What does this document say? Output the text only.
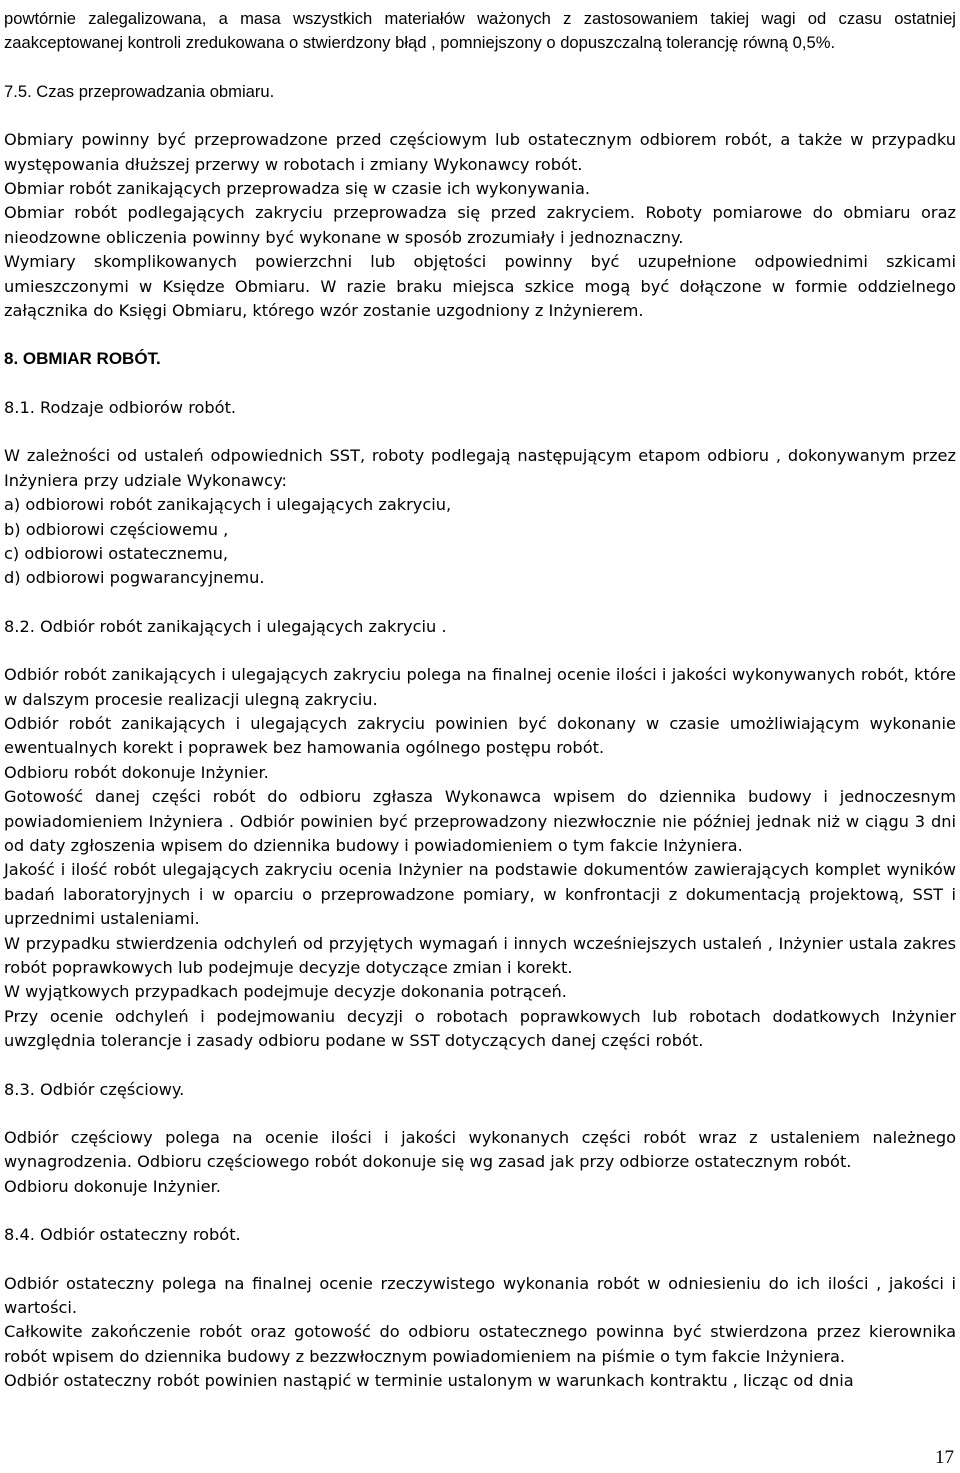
powtórnie zalegalizowana, a masa wszystkich materiałów ważonych z zastosowaniem takiej wagi od czasu ostatniej zaakceptowanej kontroli zredukowana o stwierdzony błąd , pomniejszony o dopuszczalną tolerancję równą 0,5%.

7.5. Czas przeprowadzania obmiaru.

Obmiary powinny być przeprowadzone przed częściowym lub ostatecznym odbiorem robót, a także w przypadku występowania dłuższej przerwy w robotach i zmiany Wykonawcy robót.

Obmiar robót zanikających przeprowadza się w czasie ich wykonywania.

Obmiar robót podlegających zakryciu przeprowadza się przed zakryciem. Roboty pomiarowe do obmiaru oraz nieodzowne obliczenia powinny być wykonane w sposób zrozumiały i jednoznaczny.

Wymiary skomplikowanych powierzchni lub objętości powinny być uzupełnione odpowiednimi szkicami umieszczonymi w Księdze Obmiaru. W razie braku miejsca szkice mogą być dołączone w formie oddzielnego załącznika do Księgi Obmiaru, którego wzór zostanie uzgodniony z Inżynierem.

8. OBMIAR ROBÓT.

8.1. Rodzaje odbiorów robót.

W zależności od ustaleń odpowiednich SST, roboty podlegają następującym etapom odbioru , dokonywanym przez Inżyniera przy udziale Wykonawcy:

a) odbiorowi robót zanikających i ulegających zakryciu,

b) odbiorowi częściowemu ,

c) odbiorowi ostatecznemu,

d) odbiorowi pogwarancyjnemu.

8.2. Odbiór robót zanikających i ulegających zakryciu .

Odbiór robót zanikających i ulegających zakryciu polega na finalnej ocenie ilości i jakości wykonywanych robót, które w dalszym procesie realizacji ulegną zakryciu.

Odbiór robót zanikających i ulegających zakryciu powinien być dokonany w czasie umożliwiającym wykonanie ewentualnych korekt i poprawek bez hamowania ogólnego postępu robót.

Odbioru robót dokonuje Inżynier.

Gotowość danej części robót do odbioru zgłasza Wykonawca wpisem do dziennika budowy i jednoczesnym powiadomieniem Inżyniera . Odbiór powinien być przeprowadzony niezwłocznie nie później jednak niż w ciągu 3 dni od daty zgłoszenia wpisem do dziennika budowy i powiadomieniem o tym fakcie Inżyniera.

Jakość i ilość robót ulegających zakryciu ocenia Inżynier na podstawie dokumentów zawierających komplet wyników badań laboratoryjnych i w oparciu o przeprowadzone pomiary, w konfrontacji z dokumentacją projektową, SST i uprzednimi ustaleniami.

W przypadku stwierdzenia odchyleń od przyjętych wymagań i innych wcześniejszych ustaleń , Inżynier ustala zakres robót poprawkowych lub podejmuje decyzje dotyczące zmian i korekt.

W wyjątkowych przypadkach podejmuje decyzje dokonania potrąceń.

Przy ocenie odchyleń i podejmowaniu decyzji o robotach poprawkowych lub robotach dodatkowych Inżynier uwzględnia tolerancje i zasady odbioru podane w SST dotyczących danej części robót.

8.3. Odbiór częściowy.

Odbiór częściowy polega na ocenie ilości i jakości wykonanych części robót wraz z ustaleniem należnego wynagrodzenia. Odbioru częściowego robót dokonuje się wg zasad jak przy odbiorze ostatecznym robót.

Odbioru dokonuje Inżynier.

8.4. Odbiór ostateczny robót.

Odbiór ostateczny polega na finalnej ocenie rzeczywistego wykonania robót w odniesieniu do ich ilości , jakości i wartości.

Całkowite zakończenie robót oraz gotowość do odbioru ostatecznego powinna być stwierdzona przez kierownika robót wpisem do dziennika budowy z bezzwłocznym powiadomieniem na piśmie o tym fakcie Inżyniera.

Odbiór ostateczny robót powinien nastąpić w terminie ustalonym w warunkach kontraktu , licząc od dnia

17
